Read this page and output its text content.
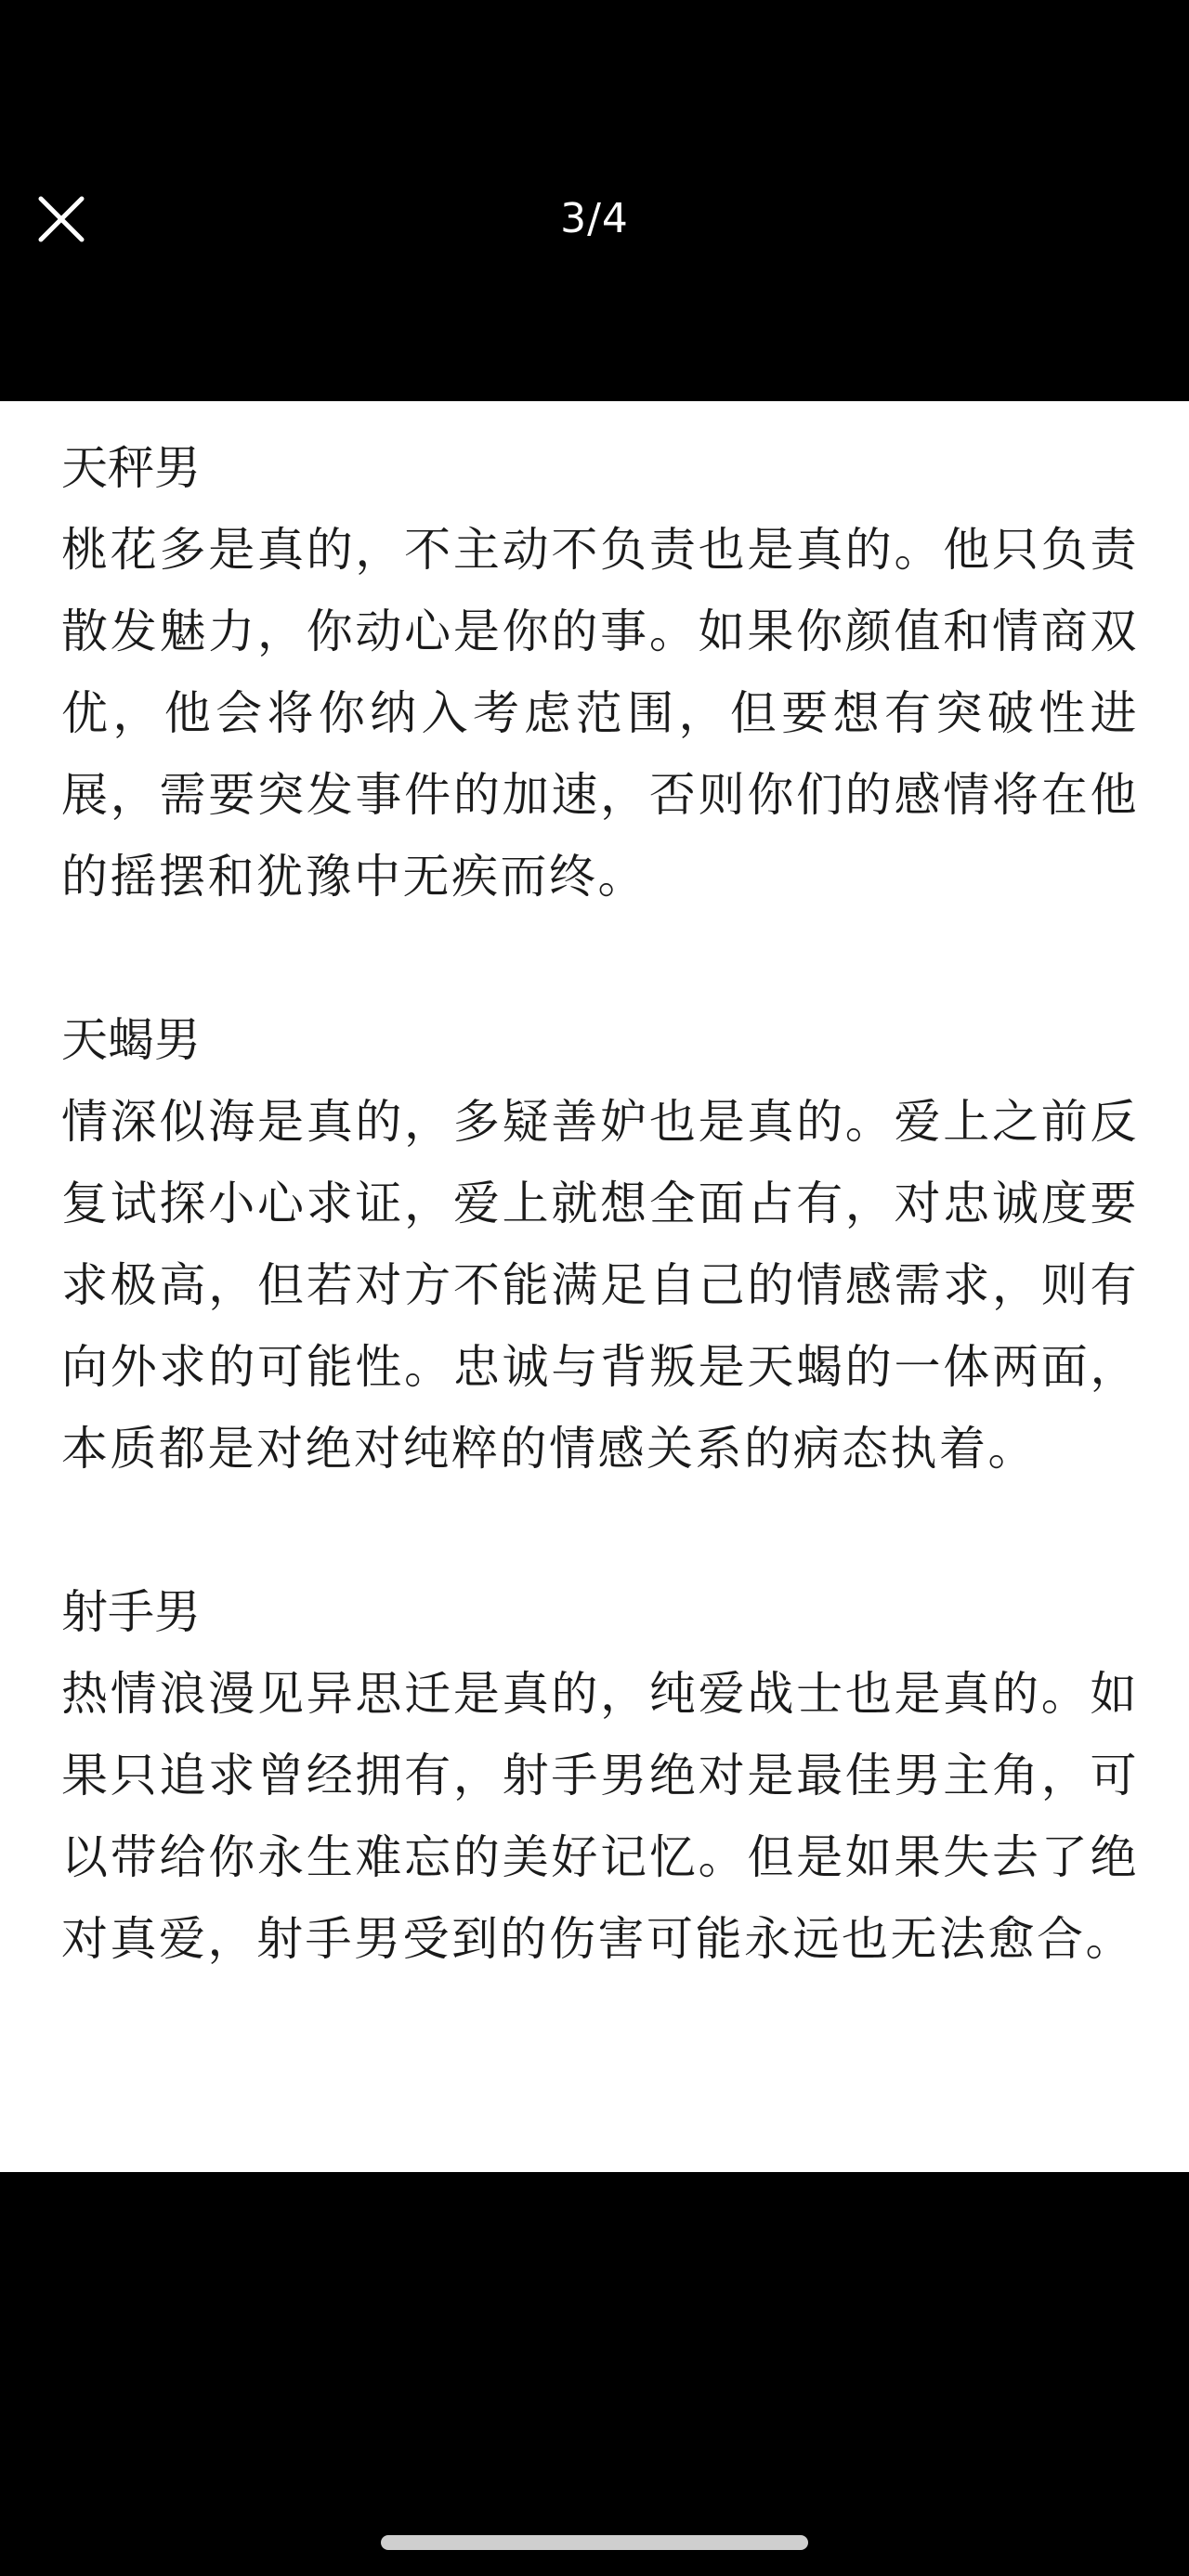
3/4
天秤男
桃花多是真的，不主动不负责也是真的。他只负责散发魅力，你动心是你的事。如果你颜值和情商双优，他会将你纳入考虑范围，但要想有突破性进展，需要突发事件的加速，否则你们的感情将在他的摇摆和犹豫中无疾而终。
天蝎男
情深似海是真的，多疑善妒也是真的。爱上之前反复试探小心求证，爱上就想全面占有，对忠诚度要求极高，但若对方不能满足自己的情感需求，则有向外求的可能性。忠诚与背叛是天蝎的一体两面，本质都是对绝对纯粹的情感关系的病态执着。
射手男
热情浪漫见异思迁是真的，纯爱战士也是真的。如果只追求曾经拥有，射手男绝对是最佳男主角，可以带给你永生难忘的美好记忆。但是如果失去了绝对真爱，射手男受到的伤害可能永远也无法愈合。
